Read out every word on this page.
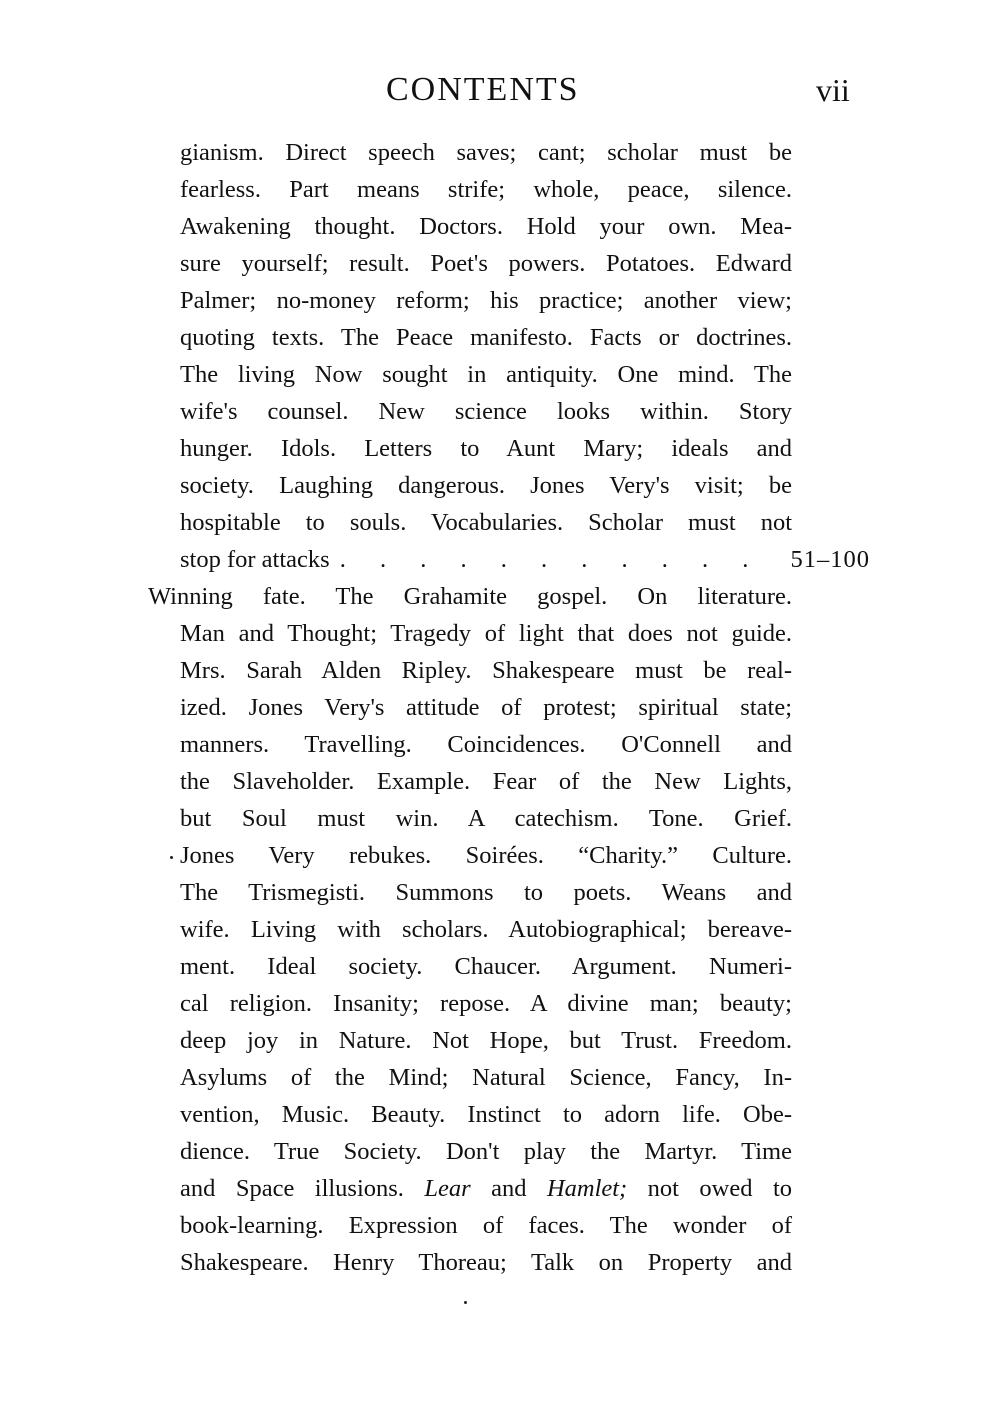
CONTENTS	vii
gianism. Direct speech saves; cant; scholar must be
fearless. Part means strife; whole, peace, silence.
Awakening thought. Doctors. Hold your own. Mea-
sure yourself; result. Poet's powers. Potatoes. Edward
Palmer; no-money reform; his practice; another view;
quoting texts. The Peace manifesto. Facts or doctrines.
The living Now sought in antiquity. One mind. The
wife's counsel. New science looks within. Story
hunger. Idols. Letters to Aunt Mary; ideals and
society. Laughing dangerous. Jones Very's visit; be
hospitable to souls. Vocabularies. Scholar must not
stop for attacks . . . . . . . . . . .	51–100
Winning fate. The Grahamite gospel. On literature.
Man and Thought; Tragedy of light that does not guide.
Mrs. Sarah Alden Ripley. Shakespeare must be real-
ized. Jones Very's attitude of protest; spiritual state;
manners. Travelling. Coincidences. O'Connell and
the Slaveholder. Example. Fear of the New Lights,
but Soul must win. A catechism. Tone. Grief.
Jones Very rebukes. Soirées. “Charity.” Culture.
The Trismegisti. Summons to poets. Weans and
wife. Living with scholars. Autobiographical; bereave-
ment. Ideal society. Chaucer. Argument. Numeri-
cal religion. Insanity; repose. A divine man; beauty;
deep joy in Nature. Not Hope, but Trust. Freedom.
Asylums of the Mind; Natural Science, Fancy, In-
vention, Music. Beauty. Instinct to adorn life. Obe-
dience. True Society. Don't play the Martyr. Time
and Space illusions. Lear and Hamlet; not owed to
book-learning. Expression of faces. The wonder of
Shakespeare. Henry Thoreau; Talk on Property and
